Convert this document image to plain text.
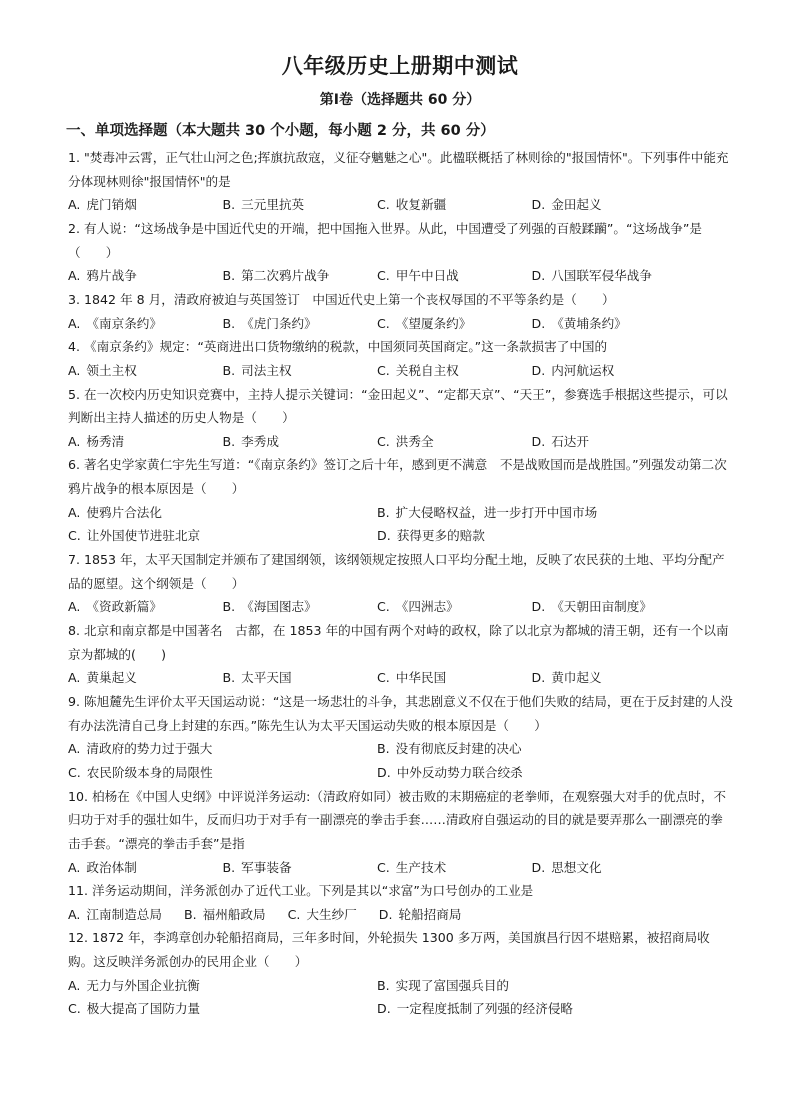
八年级历史上册期中测试
第Ⅰ卷（选择题共 60 分）
一、单项选择题（本大题共 30 个小题，每小题 2 分，共 60 分）
1. "焚毒冲云霄，正气壮山河之色;挥旗抗敌寇，义征夺魑魅之心"。此楹联概括了林则徐的"报国情怀"。下列事件中能充分体现林则徐"报国情怀"的是
A. 虎门销烟	B. 三元里抗英	C. 收复新疆	D. 金田起义
2. 有人说：“这场战争是中国近代史的开端，把中国拖入世界。从此，中国遭受了列强的百般蹂躏”。“这场战争”是（　　）
A. 鸦片战争	B. 第二次鸦片战争	C. 甲午中日战	D. 八国联军侵华战争
3. 1842 年 8 月，清政府被迫与英国签订　中国近代史上第一个丧权辱国的不平等条约是（　　）
A. 《南京条约》	B. 《虎门条约》	C. 《望厦条约》	D. 《黄埔条约》
4. 《南京条约》规定：“英商进出口货物缴纳的税款，中国须同英国商定。”这一条款损害了中国的
A. 领土主权	B. 司法主权	C. 关税自主权	D. 内河航运权
5. 在一次校内历史知识竞赛中，主持人提示关键词：“金田起义”、“定都天京”、“天王”，参赛选手根据这些提示，可以判断出主持人描述的历史人物是（　　）
A. 杨秀清	B. 李秀成	C. 洪秀全	D. 石达开
6. 著名史学家黄仁宇先生写道：“《南京条约》签订之后十年，感到更不满意　不是战败国而是战胜国。”列强发动第二次鸦片战争的根本原因是（　　）
A. 使鸦片合法化	B. 扩大侵略权益，进一步打开中国市场
C. 让外国使节进驻北京	D. 获得更多的赔款
7. 1853 年，太平天国制定并颁布了建国纲领，该纲领规定按照人口平均分配土地，反映了农民获的土地、平均分配产品的愿望。这个纲领是（　　）
A. 《资政新篇》	B. 《海国图志》	C. 《四洲志》	D. 《天朝田亩制度》
8. 北京和南京都是中国著名　古都，在 1853 年的中国有两个对峙的政权，除了以北京为都城的清王朝，还有一个以南京为都城的(　　)
A. 黄巢起义	B. 太平天国	C. 中华民国	D. 黄巾起义
9. 陈旭麓先生评价太平天国运动说：“这是一场悲壮的斗争，其悲剧意义不仅在于他们失败的结局，更在于反封建的人没有办法洗清自己身上封建的东西。”陈先生认为太平天国运动失败的根本原因是（　　）
A. 清政府的势力过于强大	B. 没有彻底反封建的决心
C. 农民阶级本身的局限性	D. 中外反动势力联合绞杀
10. 柏杨在《中国人史纲》中评说洋务运动:（清政府如同）被击败的末期癌症的老拳师，在观察强大对手的优点时，不归功于对手的强壮如牛，反而归功于对手有一副漂亮的拳击手套……清政府自强运动的目的就是要弄那么一副漂亮的拳击手套。“漂亮的拳击手套”是指
A. 政治体制	B. 军事装备	C. 生产技术	D. 思想文化
11. 洋务运动期间，洋务派创办了近代工业。下列是其以“求富”为口号创办的工业是
A. 江南制造总局 B. 福州船政局 C. 大生纱厂 D. 轮船招商局
12. 1872 年，李鸿章创办轮船招商局，三年多时间，外轮损失 1300 多万两，美国旗昌行因不堪赔累，被招商局收购。这反映洋务派创办的民用企业（　　）
A. 无力与外国企业抗衡	B. 实现了富国强兵目的
C. 极大提高了国防力量	D. 一定程度抵制了列强的经济侵略
